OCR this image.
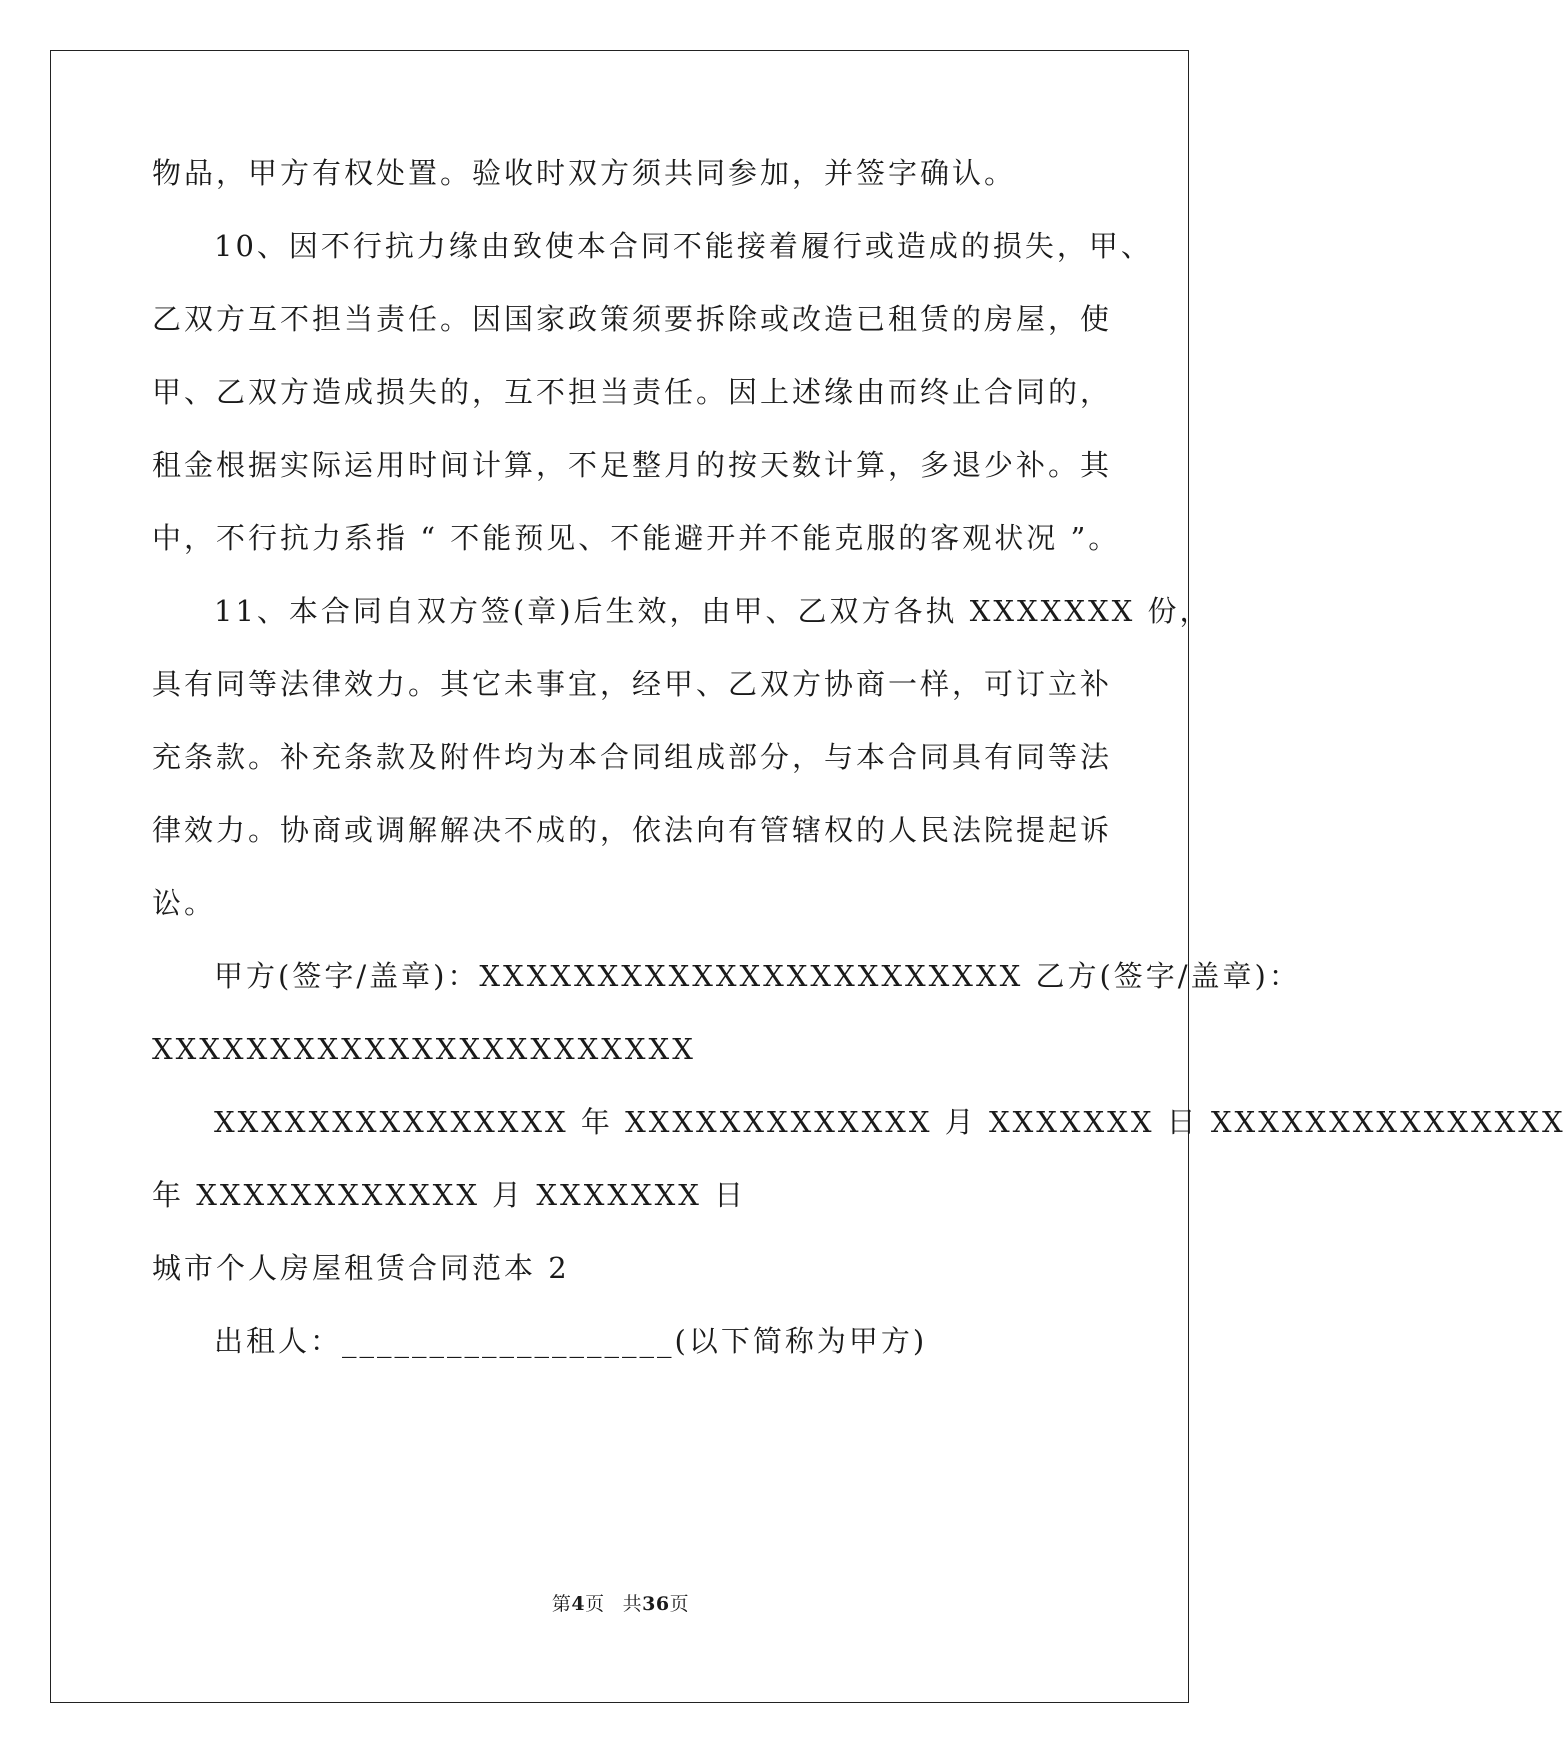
物品，甲方有权处置。验收时双方须共同参加，并签字确认。
10、因不行抗力缘由致使本合同不能接着履行或造成的损失，甲、
乙双方互不担当责任。因国家政策须要拆除或改造已租赁的房屋，使
甲、乙双方造成损失的，互不担当责任。因上述缘由而终止合同的，
租金根据实际运用时间计算，不足整月的按天数计算，多退少补。其
中，不行抗力系指 “ 不能预见、不能避开并不能克服的客观状况 ”。
11、本合同自双方签(章)后生效，由甲、乙双方各执 XXXXXXX 份，
具有同等法律效力。其它未事宜，经甲、乙双方协商一样，可订立补
充条款。补充条款及附件均为本合同组成部分，与本合同具有同等法
律效力。协商或调解解决不成的，依法向有管辖权的人民法院提起诉
讼。
甲方(签字/盖章)：XXXXXXXXXXXXXXXXXXXXXXX 乙方(签字/盖章)：
XXXXXXXXXXXXXXXXXXXXXXX
XXXXXXXXXXXXXXX 年 XXXXXXXXXXXXX 月 XXXXXXX 日 XXXXXXXXXXXXXXX
年 XXXXXXXXXXXX 月 XXXXXXX 日
城市个人房屋租赁合同范本 2
出租人：___________________(以下简称为甲方)
第4页 共36页
